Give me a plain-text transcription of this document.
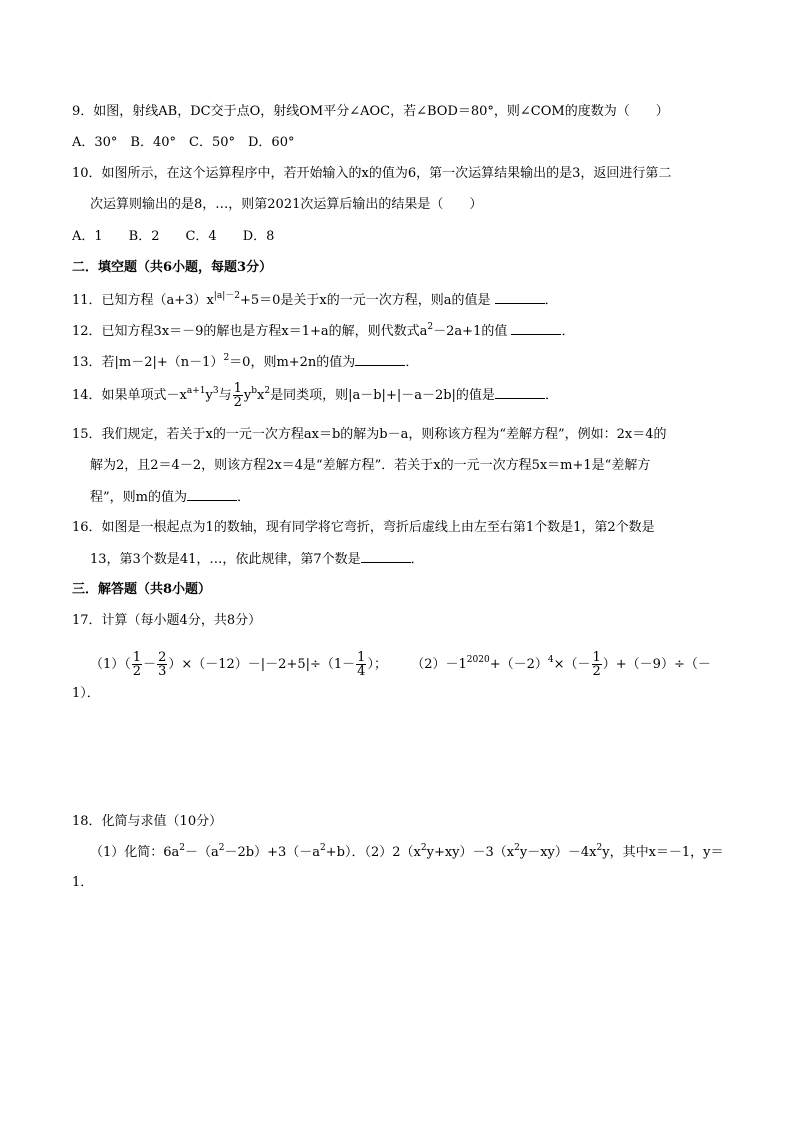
9．如图，射线AB，DC交于点O，射线OM平分∠AOC，若∠BOD＝80°，则∠COM的度数为（　　）
A．30°　B．40°　C．50°　D．60°
10．如图所示，在这个运算程序中，若开始输入的x的值为6，第一次运算结果输出的是3，返回进行第二
次运算则输出的是8，…，则第2021次运算后输出的结果是（　　）
A．1　　B．2　　C．4　　D．8
二．填空题（共6小题，每题3分）
11．已知方程$(a+3)x^{|a|-2}+5=0$是关于x的一元一次方程，则a的值是	．
12．已知方程3x＝－9的解也是方程x＝1+a的解，则代数式$a^2-2a+1$的值	．
13．若$|m-2|+(n-1)^2=0$，则m+2n的值为	．
14．如果单项式$-x^{a+1}y^3$与 $\frac{1}{2} y^bx^2$是同类项，则|a－b|+|－a－2b|的值是	．
15．我们规定，若关于x的一元一次方程ax＝b的解为b－a，则称该方程为“差解方程”，例如：2x＝4的
解为2，且2＝4－2，则该方程2x＝4是“差解方程”．若关于x的一元一次方程5x＝m+1是“差解方
程”，则m的值为	．
16．如图是一根起点为1的数轴，现有同学将它弯折，弯折后虚线上由左至右第1个数是1，第2个数是
13，第3个数是41，…，依此规律，第7个数是	．
三．解答题（共8小题）
17．计算（每小题4分，共8分）
$(1)( \frac{1}{2} - \frac{2}{3} )\times(-12)-|-2+5|\div(1- \frac{1}{4}$ ）； $(2)-1^{2020}+(-2)^4\times(- \frac{1}{2} )+(-9)\div(-$
1）．
18．化简与求值（10分）
（1）化简：$6a^2-(a^2-2b)+3(-a^2+b)$．$(2)2(x^2y+xy)-3(x^2y-xy)-4x^2y$，其中x＝－1，y＝
1．
